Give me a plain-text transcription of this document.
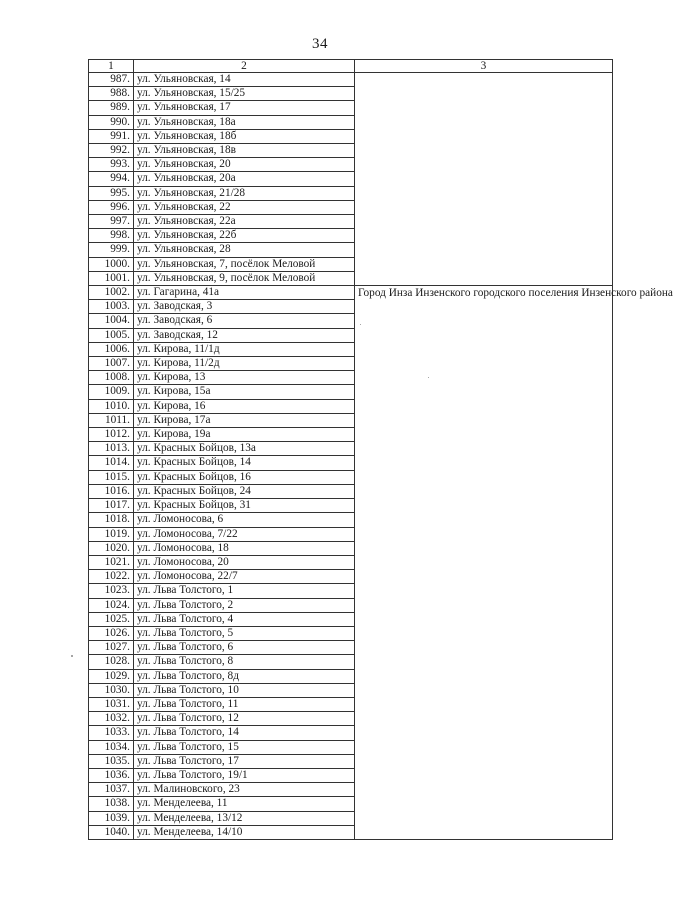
34
1	2	3
987.	ул. Ульяновская, 14	
988.	ул. Ульяновская, 15/25	
989.	ул. Ульяновская, 17	
990.	ул. Ульяновская, 18а	
991.	ул. Ульяновская, 18б	
992.	ул. Ульяновская, 18в	
993.	ул. Ульяновская, 20	
994.	ул. Ульяновская, 20а	
995.	ул. Ульяновская, 21/28	
996.	ул. Ульяновская, 22	
997.	ул. Ульяновская, 22а	
998.	ул. Ульяновская, 22б	
999.	ул. Ульяновская, 28	
1000.	ул. Ульяновская, 7, посёлок Меловой	
1001.	ул. Ульяновская, 9, посёлок Меловой	
1002.	ул. Гагарина, 41а	Город Инза Инзенского городского поселения Инзенского района
1003.	ул. Заводская, 3	
1004.	ул. Заводская, 6	
1005.	ул. Заводская, 12	
1006.	ул. Кирова, 11/1д	
1007.	ул. Кирова, 11/2д	
1008.	ул. Кирова, 13	
1009.	ул. Кирова, 15а	
1010.	ул. Кирова, 16	
1011.	ул. Кирова, 17а	
1012.	ул. Кирова, 19а	
1013.	ул. Красных Бойцов, 13а	
1014.	ул. Красных Бойцов, 14	
1015.	ул. Красных Бойцов, 16	
1016.	ул. Красных Бойцов, 24	
1017.	ул. Красных Бойцов, 31	
1018.	ул. Ломоносова, 6	
1019.	ул. Ломоносова, 7/22	
1020.	ул. Ломоносова, 18	
1021.	ул. Ломоносова, 20	
1022.	ул. Ломоносова, 22/7	
1023.	ул. Льва Толстого, 1	
1024.	ул. Льва Толстого, 2	
1025.	ул. Льва Толстого, 4	
1026.	ул. Льва Толстого, 5	
1027.	ул. Льва Толстого, 6	
1028.	ул. Льва Толстого, 8	
1029.	ул. Льва Толстого, 8д	
1030.	ул. Льва Толстого, 10	
1031.	ул. Льва Толстого, 11	
1032.	ул. Льва Толстого, 12	
1033.	ул. Льва Толстого, 14	
1034.	ул. Льва Толстого, 15	
1035.	ул. Льва Толстого, 17	
1036.	ул. Льва Толстого, 19/1	
1037.	ул. Малиновского, 23	
1038.	ул. Менделеева, 11	
1039.	ул. Менделеева, 13/12	
1040.	ул. Менделеева, 14/10	
